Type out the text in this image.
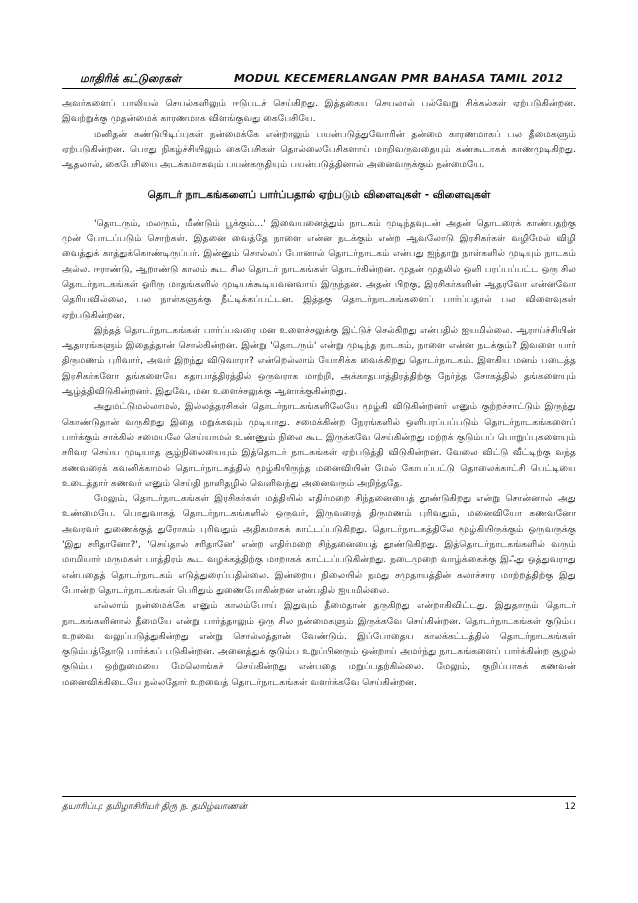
மாதிரிக் கட்டுரைகள்	MODUL KECEMERLANGAN PMR BAHASA TAMIL 2012

அவர்களைப் பாலியல் செயல்களிலும் ஈடுபடச் செய்கிறது. இத்தகைய செயலால் பல்வேறு சிக்கல்கள் ஏற்படுகின்றன. இவற்றுக்கு முதன்மைக் காரணமாக விளங்குவது கைபேசியே.

மனிதன் கண்டுபிடிப்புகள் நன்மைக்கே என்றாலும் பயன்படுத்துவோரின் தன்மை காரணமாகப் பல தீமைகளும் ஏற்படுகின்றன. பொது நிகழ்ச்சியிலும் கைபேசிகள் தொல்லைபேசிகளாய் மாறிவருவதையும் கண்கூடாகக் காணமுடிகிறது. ஆதலால், கைபேசியை அடக்கமாகவும் பயன்கருதியும் பயன்படுத்தினால் அனைவருக்கும் நன்மையே.

தொடர் நாடகங்களைப் பார்ப்பதால் ஏற்படும் விளைவுகள் - விளைவுகள்

'தொடரும், மலரும், மீண்டும் பூக்கும்...' இவையனைத்தும் நாடகம் முடிந்தவுடன் அதன் தொடரைக் காண்பதற்கு முன் போடப்படும் சொற்கள். இதனை வைத்தே நாளை என்ன நடக்கும் என்ற ஆவலோடு இரசிகர்கள் வழிமேல் விழி வைத்துக் காத்துக்கொண்டிருப்பர். இன்னும் சொல்லப் போனால் தொடர்நாடகம் என்பது ஐந்தாறு நாள்களில் முடியும் நாடகம் அல்ல. ஈராண்டு, ஆறாண்டு காலம் கூட சில தொடர் நாடகங்கள் தொடர்கின்றன. முதன் முதலில் ஒளி பரப்பப்பட்ட ஒரு சில தொடர்நாடகங்கள் ஓரிரு மாதங்களில் முடியக்கூடியவனவாய் இருந்தன. அதன் பிறகு, இரசிகர்களின் ஆதரவோ என்னவோ தெரியவில்லை, பல நாள்களுக்கு நீட்டிக்கப்பட்டன. இத்தகு தொடர்நாடகங்களைப் பார்ப்பதால் பல விளைவுகள் ஏற்படுகின்றன.

இந்தத் தொடர்நாடகங்கள் பார்ப்பவரை மன உளைச்சலுக்கு இட்டுச் செல்கிறது என்பதில் ஐயமில்லை. ஆராய்ச்சியின் ஆதாரங்களும் இதைத்தான் சொல்கின்றன. இன்று 'தொடரும்' என்று முடிந்த நாடகம், நாளை என்ன நடக்கும்? இவளை யார் திருமணம் புரிவார், அவர் இறந்து விடுவாரா? என்றெல்லாம் யோசிக்க வைக்கிறது தொடர்நாடகம். இளகிய மனம் படைத்த இரசிகர்களோ தங்களையே கதாபாத்திரத்தில் ஒருவராக மாற்றி, அக்காதபாத்திரத்திற்கு நேர்ந்த சோகத்தில் தங்களையும் ஆழ்த்திவிடுகின்றனர். இதுவே, மன உளைச்சலுக்கு ஆளாக்குகின்றது.

அதுமட்டுமல்லாமல், இல்லத்தரசிகள் தொடர்நாடகங்களிலேயே மூழ்கி விடுகின்றனர் எனும் குற்றச்சாட்டும் இருந்து கொண்டுதான் வருகிறது இதை மறுக்கவும் முடியாது. சமைக்கின்ற நேரங்களில் ஒளிபரப்பப்படும் தொடர்நாடகங்களைப் பார்க்கும் சாக்கில் சமையலே செய்யாமல் உண்ணும் நிலை கூட இருக்கவே செய்கின்றது மற்றக் குடும்பப் பொறுப்புகளையும் சரிவர செய்ய முடியாத சூழ்நிலையையும் இத்தொடர் நாடகங்கள் ஏற்படுத்தி விடுகின்றன. வேலை விட்டு வீட்டிற்கு வந்த கணவரைக் கவனிக்காமல் தொடர்நாடகத்தில் மூழ்கியிருந்த மனைவியின் மேல் கோபப்பட்டு தொலைக்காட்சி பெட்டியை உடைத்தார் கணவர் எனும் செய்தி நாளிதழில் வெளிவந்து அனைவரும் அறிந்ததே.

மேலும், தொடர்நாடகங்கள் இரசிகர்கள் மத்தியில் எதிர்மறை சிந்தனையைத் தூண்டுகிறது என்று சொன்னால் அது உண்மையே. பொதுவாகத் தொடர்நாடகங்களில் ஒருவர், இருவரைத் திருமணம் புரிவதும், மனைவியோ கணவனோ அவரவர் துணைக்குத் துரோகம் புரிவதும் அதிகமாகக் காட்டப்படுகிறது. தொடர்நாடகத்திலே மூழ்கியிருக்கும் ஒருவருக்கு 'இது சரிதானோ?', 'செய்தால் சரிதானே' என்ற எதிர்மறை சிந்தனையைத் தூண்டுகிறது. இத்தொடர்நாடகங்களில் வரும் மாமியார் மருமகள் பாத்திரம் கூட வழக்கத்திற்கு மாறாகக் காட்டப்படுகின்றது. நடைமுறை வாழ்க்கைக்கு இஃது ஒத்துவராது என்பதைத் தொடர்நாடகம் எடுத்துரைப்பதில்லை. இன்றைய நிலையில் நமது சமுதாயத்தின் கலாச்சார மாற்றத்திற்கு இது போன்ற தொடர்நாடகங்கள் பெரிதும் துணைபோகின்றன என்பதில் ஐயமில்லை.

எல்லாம் நன்மைக்கே எனும் காலம்போய் இதுவும் தீமைதான் தருகிறது என்றாகிவிட்டது. இதுதாரும் தொடர் நாடகங்களினால் தீமையே என்று பார்த்தாலும் ஒரு சில நன்மைகளும் இருக்கவே செய்கின்றன. தொடர்நாடகங்கள் குடும்ப உறவை வலுப்படுத்துகின்றது என்று சொல்லத்தான் வேண்டும். இப்போதைய காலக்கட்டத்தில் தொடர்நாடகங்கள் குடும்பத்தோடு பார்க்கப் படுகின்றன. அனைத்துக் குடும்ப உறுப்பினரும் ஒன்றாய் அமர்ந்து நாடகங்களைப் பார்க்கின்ற சூழல் குடும்ப ஒற்றுமையை மேலொங்கச் செய்கின்றது என்பதை மறுப்பதற்கில்லை. மேலும், குறிப்பாகக் கணவன் மனைவிக்கிடையே நல்லதோர் உறவைத் தொடர்நாடகங்கள் வளர்க்கவே செய்கின்றன.

தயாரிப்பு: தமிழாசிரியர் திரு ந. தமிழ்வாணன்	12
